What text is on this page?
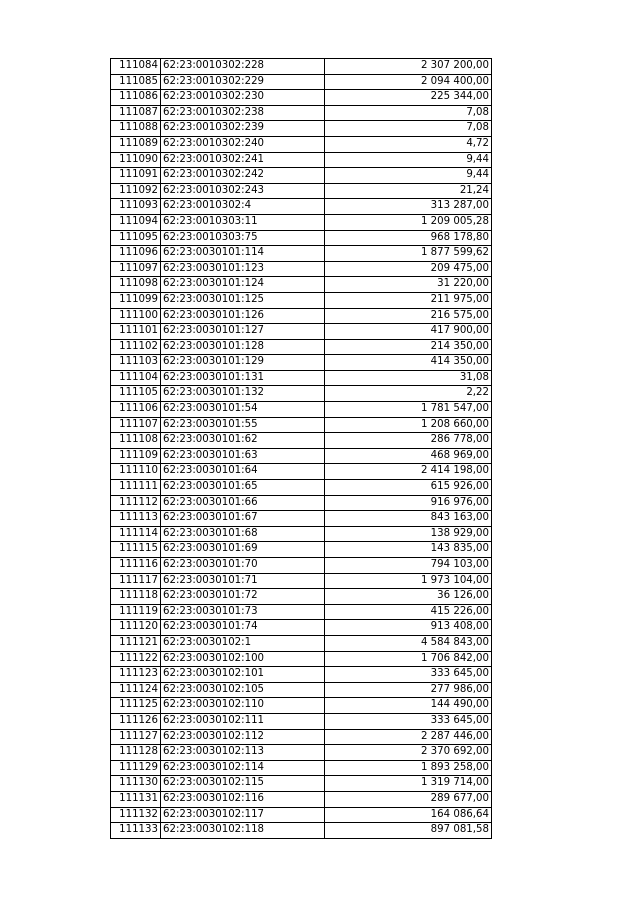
111084	62:23:0010302:228	2 307 200,00
111085	62:23:0010302:229	2 094 400,00
111086	62:23:0010302:230	225 344,00
111087	62:23:0010302:238	7,08
111088	62:23:0010302:239	7,08
111089	62:23:0010302:240	4,72
111090	62:23:0010302:241	9,44
111091	62:23:0010302:242	9,44
111092	62:23:0010302:243	21,24
111093	62:23:0010302:4	313 287,00
111094	62:23:0010303:11	1 209 005,28
111095	62:23:0010303:75	968 178,80
111096	62:23:0030101:114	1 877 599,62
111097	62:23:0030101:123	209 475,00
111098	62:23:0030101:124	31 220,00
111099	62:23:0030101:125	211 975,00
111100	62:23:0030101:126	216 575,00
111101	62:23:0030101:127	417 900,00
111102	62:23:0030101:128	214 350,00
111103	62:23:0030101:129	414 350,00
111104	62:23:0030101:131	31,08
111105	62:23:0030101:132	2,22
111106	62:23:0030101:54	1 781 547,00
111107	62:23:0030101:55	1 208 660,00
111108	62:23:0030101:62	286 778,00
111109	62:23:0030101:63	468 969,00
111110	62:23:0030101:64	2 414 198,00
111111	62:23:0030101:65	615 926,00
111112	62:23:0030101:66	916 976,00
111113	62:23:0030101:67	843 163,00
111114	62:23:0030101:68	138 929,00
111115	62:23:0030101:69	143 835,00
111116	62:23:0030101:70	794 103,00
111117	62:23:0030101:71	1 973 104,00
111118	62:23:0030101:72	36 126,00
111119	62:23:0030101:73	415 226,00
111120	62:23:0030101:74	913 408,00
111121	62:23:0030102:1	4 584 843,00
111122	62:23:0030102:100	1 706 842,00
111123	62:23:0030102:101	333 645,00
111124	62:23:0030102:105	277 986,00
111125	62:23:0030102:110	144 490,00
111126	62:23:0030102:111	333 645,00
111127	62:23:0030102:112	2 287 446,00
111128	62:23:0030102:113	2 370 692,00
111129	62:23:0030102:114	1 893 258,00
111130	62:23:0030102:115	1 319 714,00
111131	62:23:0030102:116	289 677,00
111132	62:23:0030102:117	164 086,64
111133	62:23:0030102:118	897 081,58
